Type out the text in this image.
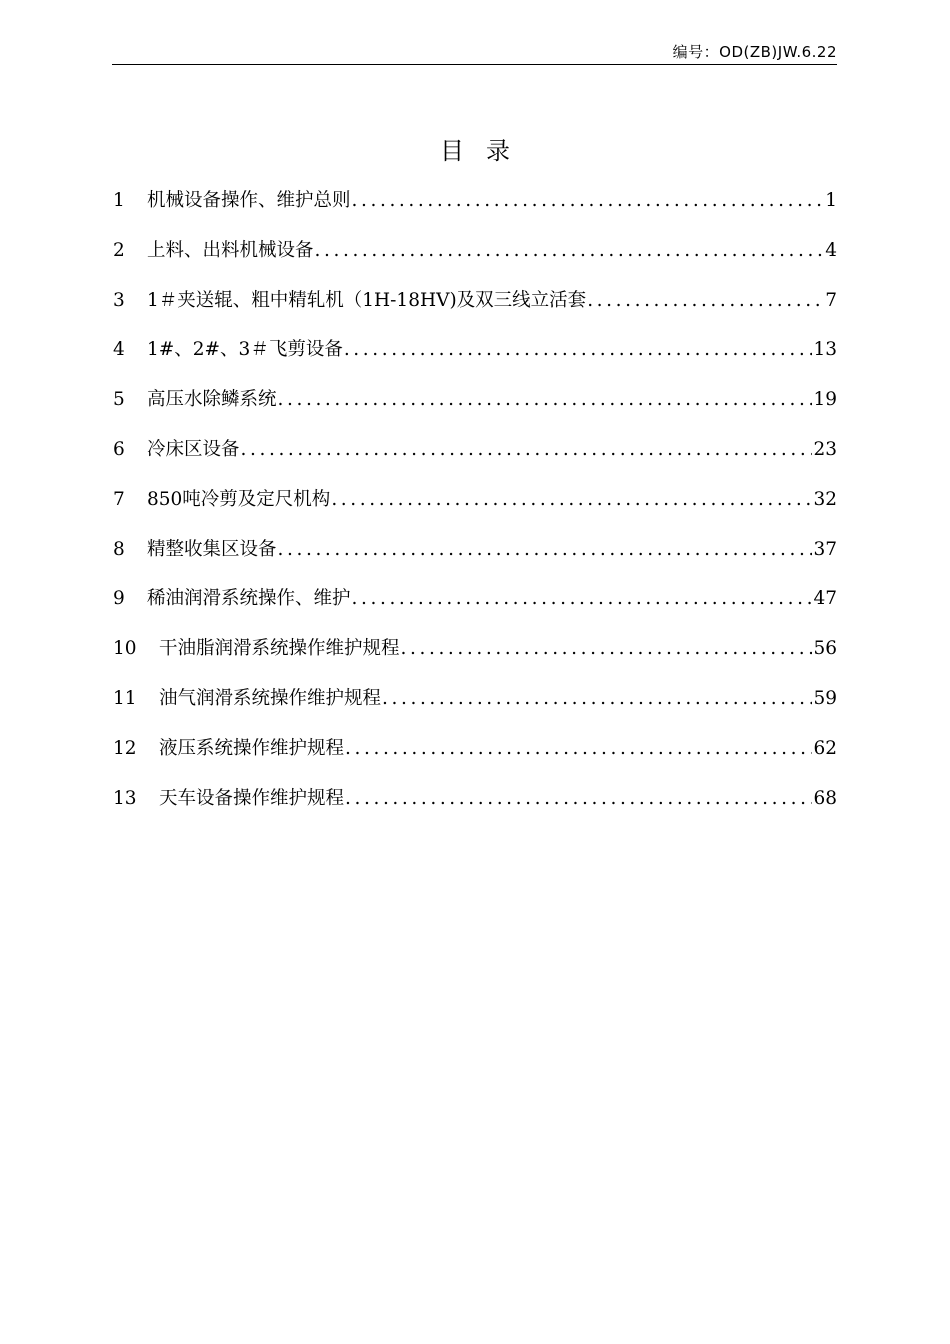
编号：OD(ZB)JW.6.22
目录
1	机械设备操作、维护总则 .....	1
2	上料、出料机械设备 .....	4
3	1＃夹送辊、粗中精轧机（1H-18HV)及双三线立活套 .....	7
4	1#、2#、3＃飞剪设备 .....	13
5	高压水除鳞系统 .....	19
6	冷床区设备 .....	23
7	850吨冷剪及定尺机构 .....	32
8	精整收集区设备 .....	37
9	稀油润滑系统操作、维护 .....	47
10	干油脂润滑系统操作维护规程 .....	56
11	油气润滑系统操作维护规程 .....	59
12	液压系统操作维护规程 .....	62
13	天车设备操作维护规程 .....	68
